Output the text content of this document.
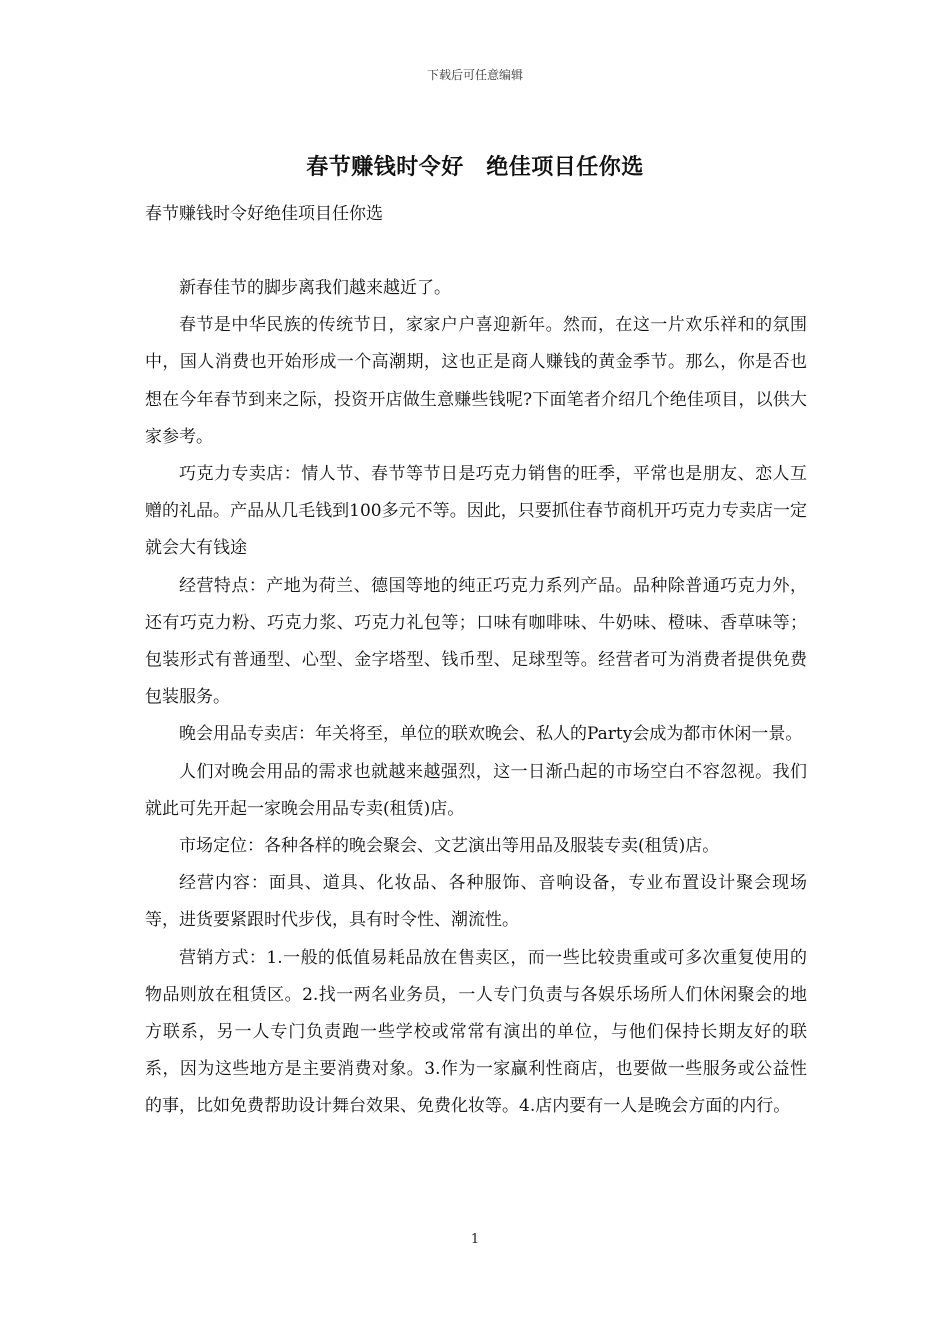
下载后可任意编辑
春节赚钱时令好　绝佳项目任你选
春节赚钱时令好绝佳项目任你选

新春佳节的脚步离我们越来越近了。

春节是中华民族的传统节日，家家户户喜迎新年。然而，在这一片欢乐祥和的氛围中，国人消费也开始形成一个高潮期，这也正是商人赚钱的黄金季节。那么，你是否也想在今年春节到来之际，投资开店做生意赚些钱呢?下面笔者介绍几个绝佳项目，以供大家参考。

巧克力专卖店：情人节、春节等节日是巧克力销售的旺季，平常也是朋友、恋人互赠的礼品。产品从几毛钱到100多元不等。因此，只要抓住春节商机开巧克力专卖店一定就会大有钱途

经营特点：产地为荷兰、德国等地的纯正巧克力系列产品。品种除普通巧克力外，还有巧克力粉、巧克力浆、巧克力礼包等；口味有咖啡味、牛奶味、橙味、香草味等；包装形式有普通型、心型、金字塔型、钱币型、足球型等。经营者可为消费者提供免费包装服务。

晚会用品专卖店：年关将至，单位的联欢晚会、私人的Party会成为都市休闲一景。

人们对晚会用品的需求也就越来越强烈，这一日渐凸起的市场空白不容忽视。我们就此可先开起一家晚会用品专卖(租赁)店。

市场定位：各种各样的晚会聚会、文艺演出等用品及服装专卖(租赁)店。

经营内容：面具、道具、化妆品、各种服饰、音响设备，专业布置设计聚会现场等，进货要紧跟时代步伐，具有时令性、潮流性。

营销方式：1.一般的低值易耗品放在售卖区，而一些比较贵重或可多次重复使用的物品则放在租赁区。2.找一两名业务员，一人专门负责与各娱乐场所人们休闲聚会的地方联系，另一人专门负责跑一些学校或常常有演出的单位，与他们保持长期友好的联系，因为这些地方是主要消费对象。3.作为一家赢利性商店，也要做一些服务或公益性的事，比如免费帮助设计舞台效果、免费化妆等。4.店内要有一人是晚会方面的内行。

1
